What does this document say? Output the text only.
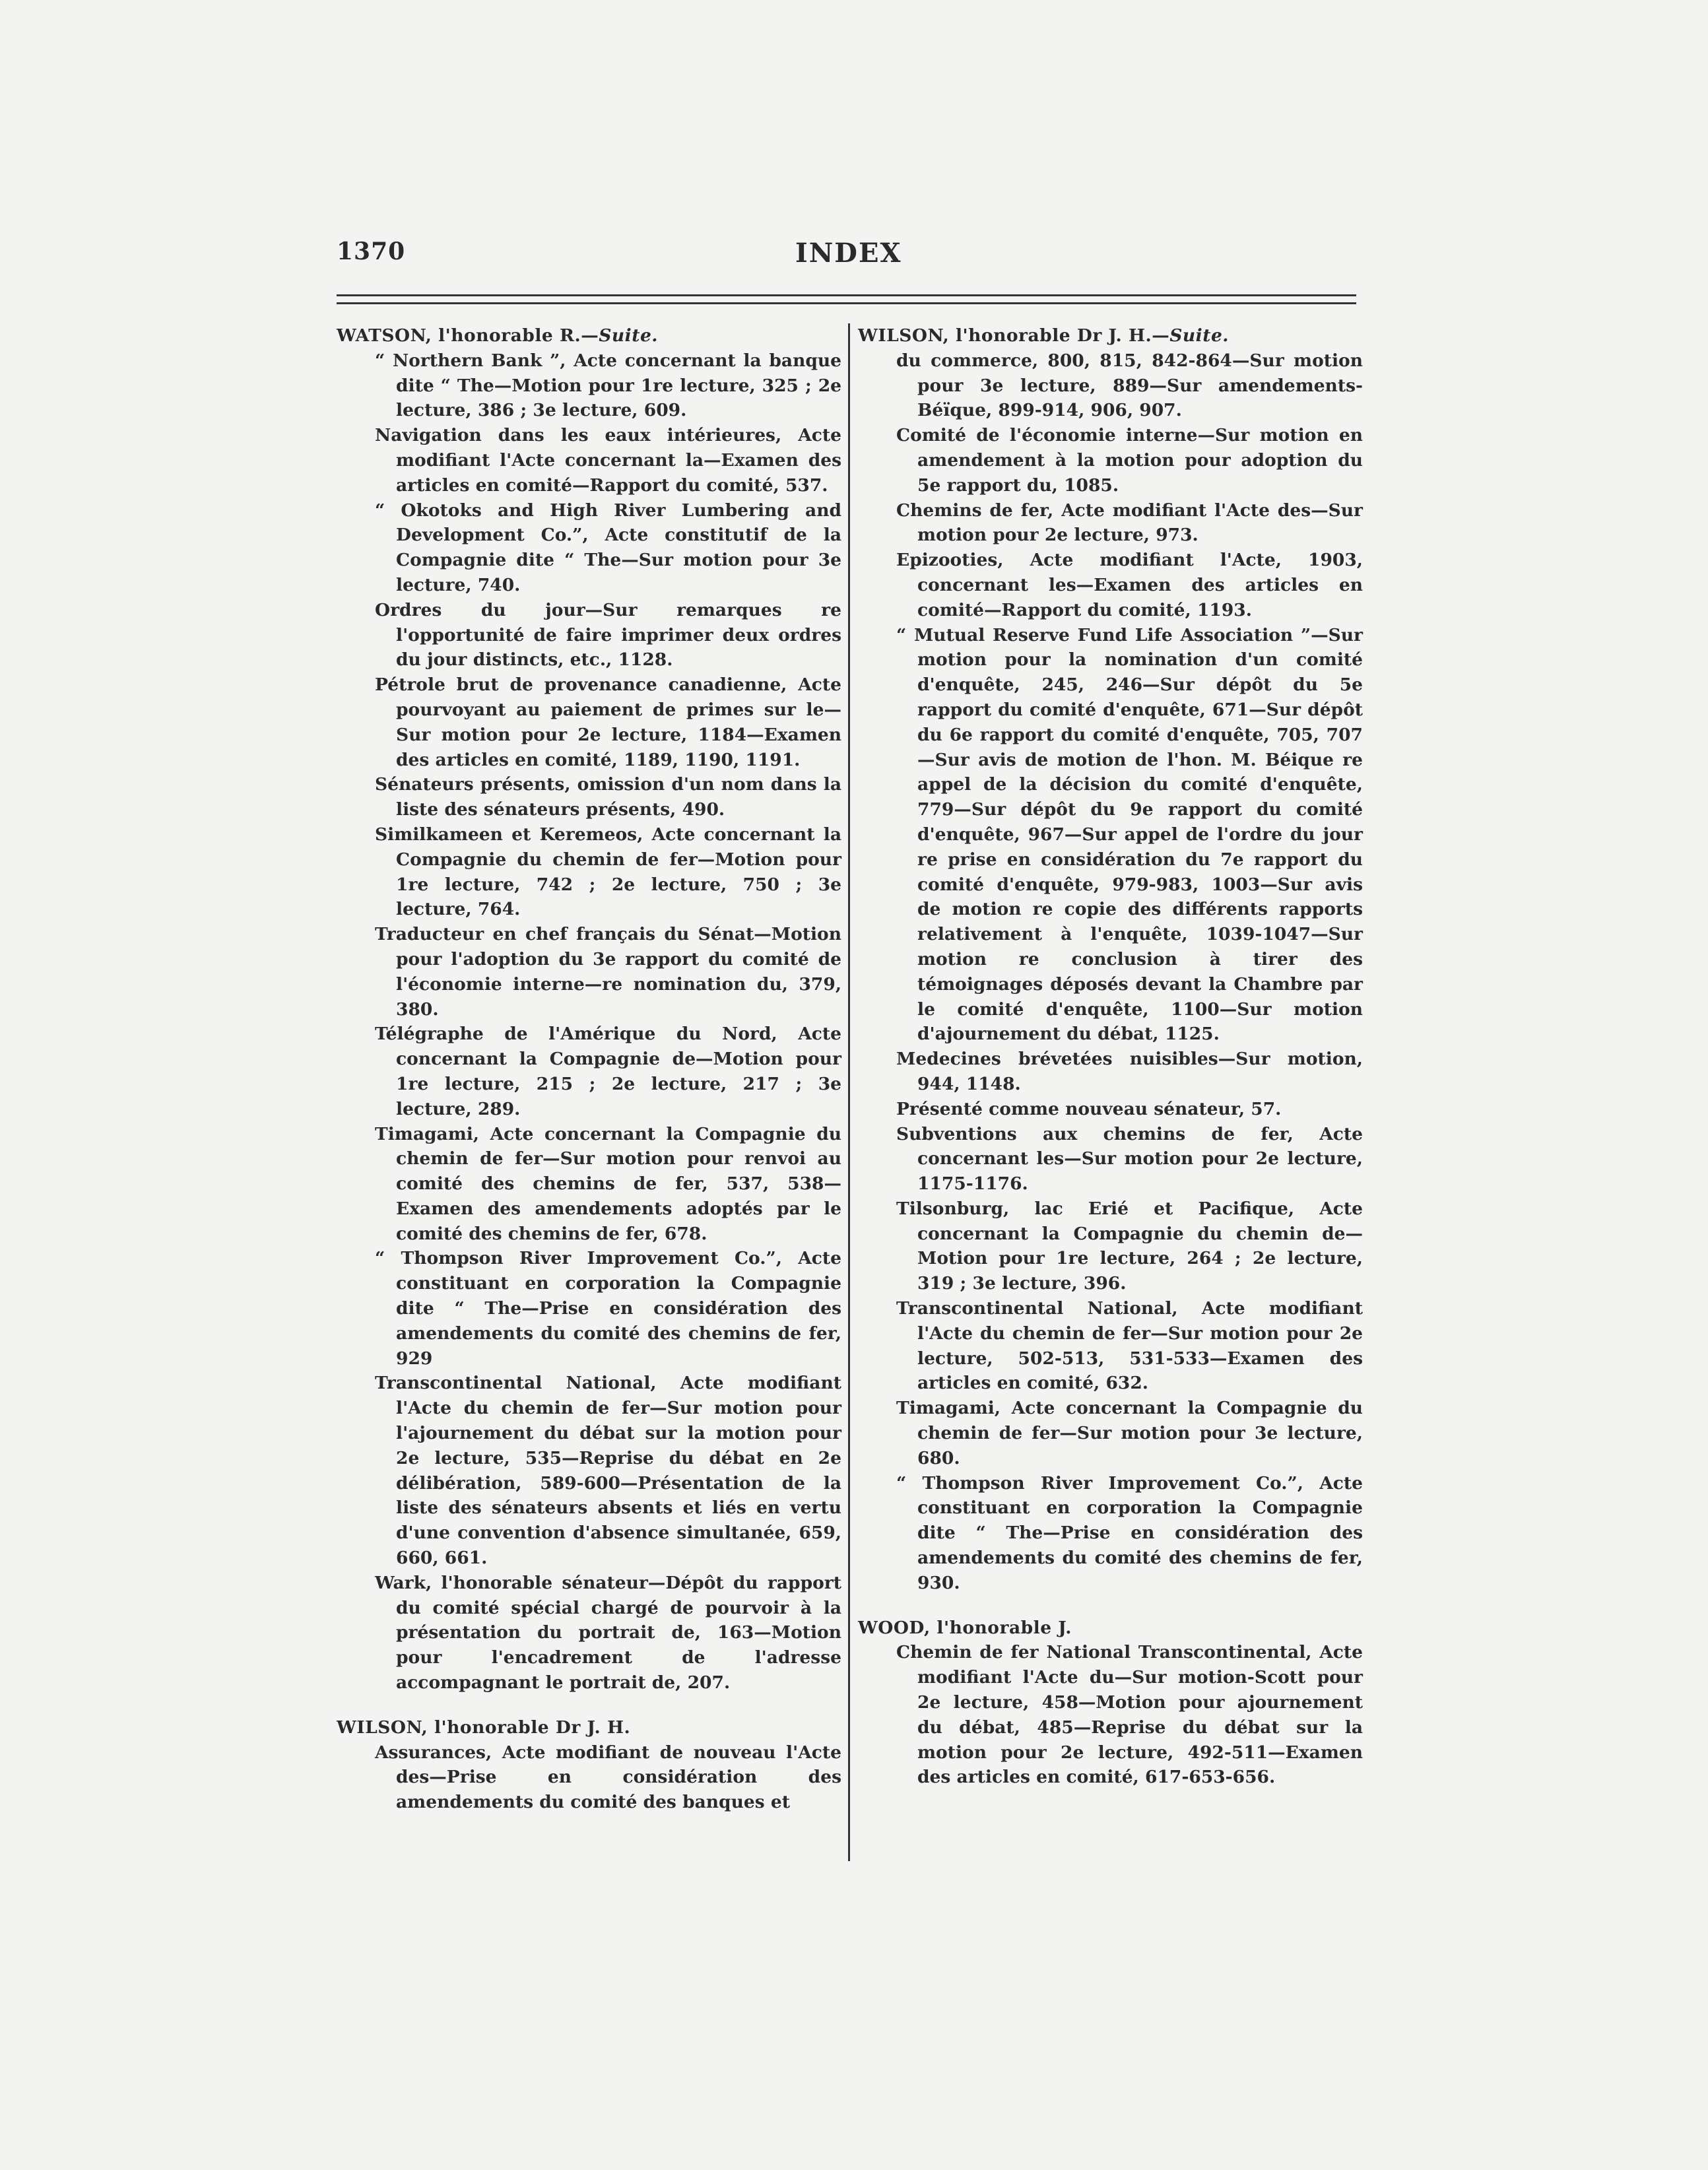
1370	INDEX

WATSON, l'honorable R.—Suite.

“ Northern Bank ”, Acte concernant la banque dite “ The—Motion pour 1re lecture, 325 ; 2e lecture, 386 ; 3e lecture, 609.

Navigation dans les eaux intérieures, Acte modifiant l'Acte concernant la—Examen des articles en comité—Rapport du comité, 537.

“ Okotoks and High River Lumbering and Development Co.”, Acte constitutif de la Compagnie dite “ The—Sur motion pour 3e lecture, 740.

Ordres du jour—Sur remarques re l'opportunité de faire imprimer deux ordres du jour distincts, etc., 1128.

Pétrole brut de provenance canadienne, Acte pourvoyant au paiement de primes sur le—Sur motion pour 2e lecture, 1184—Examen des articles en comité, 1189, 1190, 1191.

Sénateurs présents, omission d'un nom dans la liste des sénateurs présents, 490.

Similkameen et Keremeos, Acte concernant la Compagnie du chemin de fer—Motion pour 1re lecture, 742 ; 2e lecture, 750 ; 3e lecture, 764.

Traducteur en chef français du Sénat—Motion pour l'adoption du 3e rapport du comité de l'économie interne—re nomination du, 379, 380.

Télégraphe de l'Amérique du Nord, Acte concernant la Compagnie de—Motion pour 1re lecture, 215 ; 2e lecture, 217 ; 3e lecture, 289.

Timagami, Acte concernant la Compagnie du chemin de fer—Sur motion pour renvoi au comité des chemins de fer, 537, 538—Examen des amendements adoptés par le comité des chemins de fer, 678.

“ Thompson River Improvement Co.”, Acte constituant en corporation la Compagnie dite “ The—Prise en considération des amendements du comité des chemins de fer, 929

Transcontinental National, Acte modifiant l'Acte du chemin de fer—Sur motion pour l'ajournement du débat sur la motion pour 2e lecture, 535—Reprise du débat en 2e délibération, 589-600—Présentation de la liste des sénateurs absents et liés en vertu d'une convention d'absence simultanée, 659, 660, 661.

Wark, l'honorable sénateur—Dépôt du rapport du comité spécial chargé de pourvoir à la présentation du portrait de, 163—Motion pour l'encadrement de l'adresse accompagnant le portrait de, 207.

WILSON, l'honorable Dr J. H.

Assurances, Acte modifiant de nouveau l'Acte des—Prise en considération des amendements du comité des banques et

WILSON, l'honorable Dr J. H.—Suite.

du commerce, 800, 815, 842-864—Sur motion pour 3e lecture, 889—Sur amendements-Béïque, 899-914, 906, 907.

Comité de l'économie interne—Sur motion en amendement à la motion pour adoption du 5e rapport du, 1085.

Chemins de fer, Acte modifiant l'Acte des—Sur motion pour 2e lecture, 973.

Epizooties, Acte modifiant l'Acte, 1903, concernant les—Examen des articles en comité—Rapport du comité, 1193.

“ Mutual Reserve Fund Life Association ”—Sur motion pour la nomination d'un comité d'enquête, 245, 246—Sur dépôt du 5e rapport du comité d'enquête, 671—Sur dépôt du 6e rapport du comité d'enquête, 705, 707—Sur avis de motion de l'hon. M. Béique re appel de la décision du comité d'enquête, 779—Sur dépôt du 9e rapport du comité d'enquête, 967—Sur appel de l'ordre du jour re prise en considération du 7e rapport du comité d'enquête, 979-983, 1003—Sur avis de motion re copie des différents rapports relativement à l'enquête, 1039-1047—Sur motion re conclusion à tirer des témoignages déposés devant la Chambre par le comité d'enquête, 1100—Sur motion d'ajournement du débat, 1125.

Medecines brévetées nuisibles—Sur motion, 944, 1148.

Présenté comme nouveau sénateur, 57.

Subventions aux chemins de fer, Acte concernant les—Sur motion pour 2e lecture, 1175-1176.

Tilsonburg, lac Erié et Pacifique, Acte concernant la Compagnie du chemin de—Motion pour 1re lecture, 264 ; 2e lecture, 319 ; 3e lecture, 396.

Transcontinental National, Acte modifiant l'Acte du chemin de fer—Sur motion pour 2e lecture, 502-513, 531-533—Examen des articles en comité, 632.

Timagami, Acte concernant la Compagnie du chemin de fer—Sur motion pour 3e lecture, 680.

“ Thompson River Improvement Co.”, Acte constituant en corporation la Compagnie dite “ The—Prise en considération des amendements du comité des chemins de fer, 930.

WOOD, l'honorable J.

Chemin de fer National Transcontinental, Acte modifiant l'Acte du—Sur motion-Scott pour 2e lecture, 458—Motion pour ajournement du débat, 485—Reprise du débat sur la motion pour 2e lecture, 492-511—Examen des articles en comité, 617-653-656.
